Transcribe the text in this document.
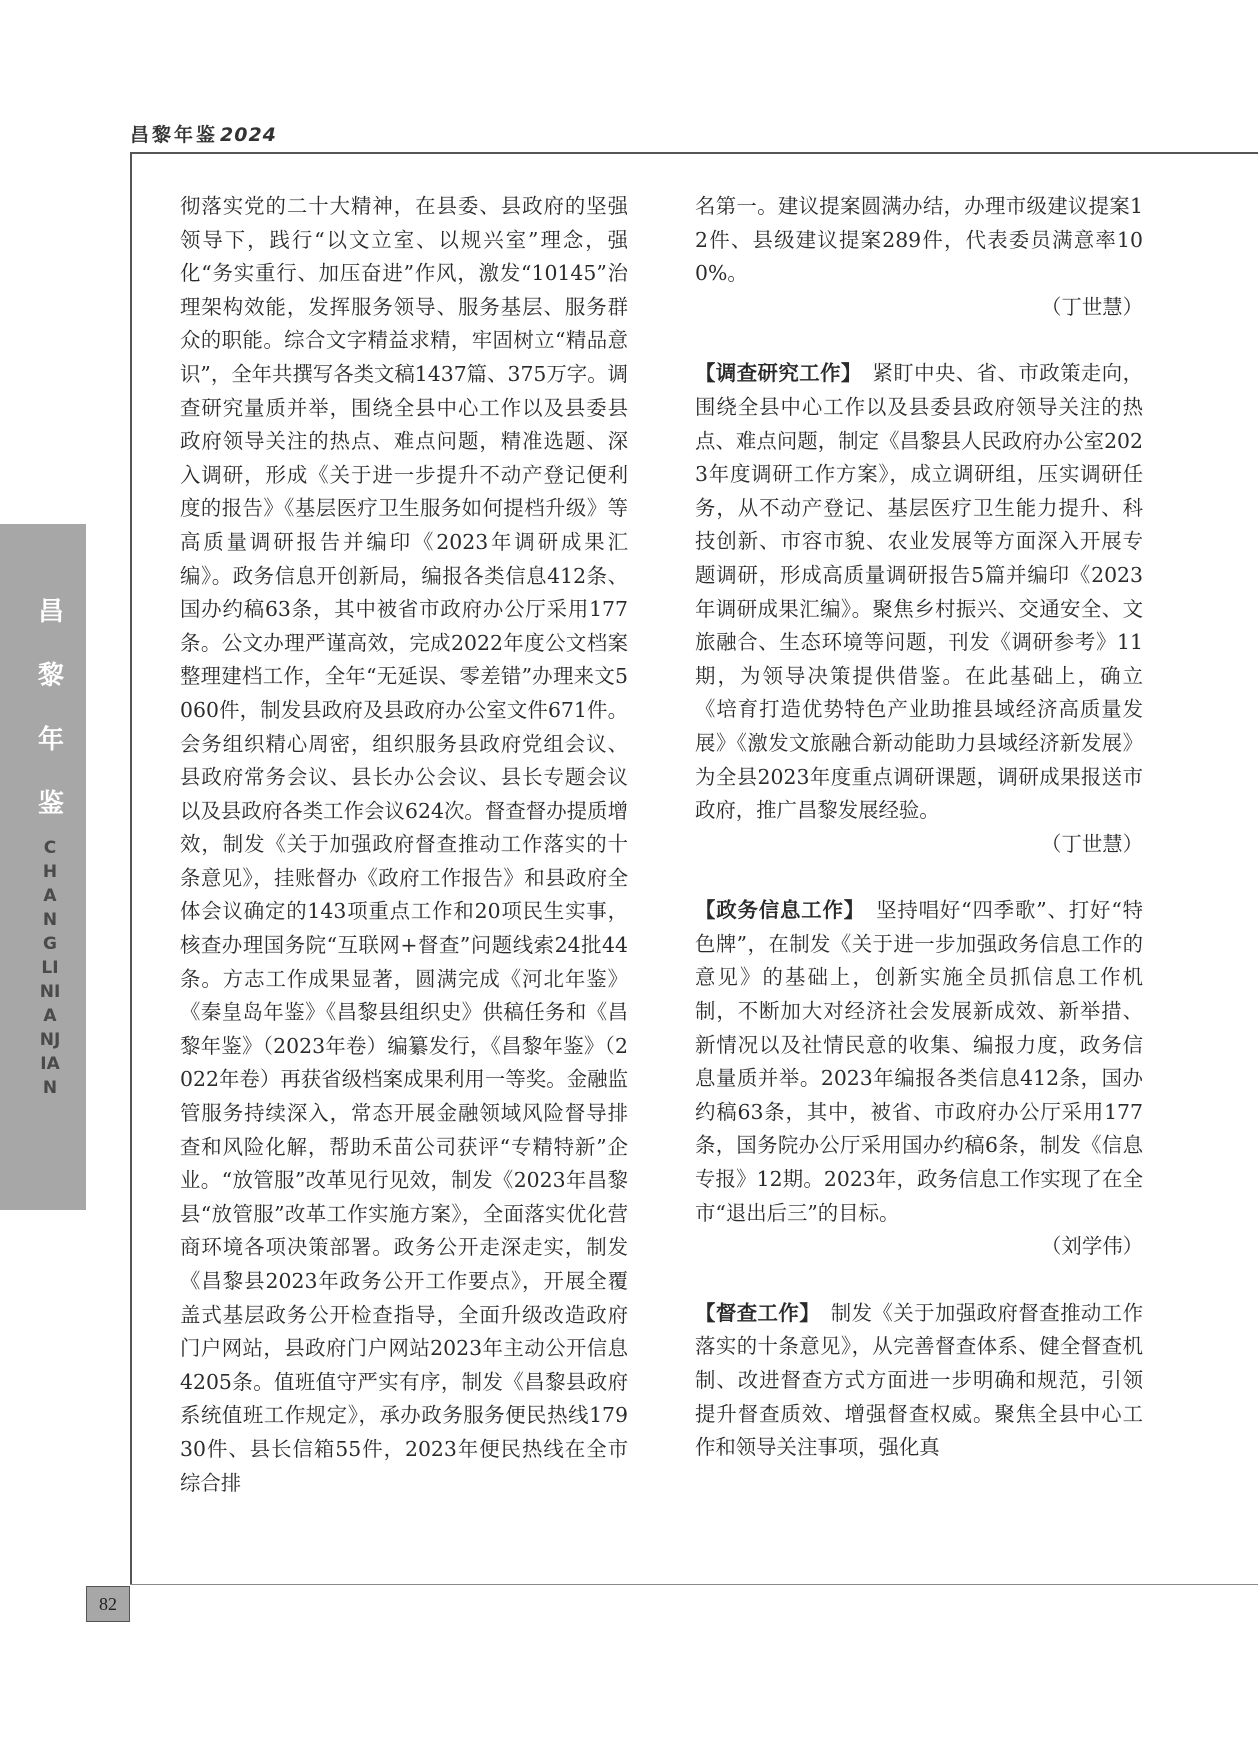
昌黎年鉴 2024
昌黎年鉴
CHANGLINIANJIAN
82

彻落实党的二十大精神，在县委、县政府的坚强领导下，践行“以文立室、以规兴室”理念，强化“务实重行、加压奋进”作风，激发“10145”治理架构效能，发挥服务领导、服务基层、服务群众的职能。综合文字精益求精，牢固树立“精品意识”，全年共撰写各类文稿1437篇、375万字。调查研究量质并举，围绕全县中心工作以及县委县政府领导关注的热点、难点问题，精准选题、深入调研，形成《关于进一步提升不动产登记便利度的报告》《基层医疗卫生服务如何提档升级》等高质量调研报告并编印《2023年调研成果汇编》。政务信息开创新局，编报各类信息412条、国办约稿63条，其中被省市政府办公厅采用177条。公文办理严谨高效，完成2022年度公文档案整理建档工作，全年“无延误、零差错”办理来文5060件，制发县政府及县政府办公室文件671件。会务组织精心周密，组织服务县政府党组会议、县政府常务会议、县长办公会议、县长专题会议以及县政府各类工作会议624次。督查督办提质增效，制发《关于加强政府督查推动工作落实的十条意见》，挂账督办《政府工作报告》和县政府全体会议确定的143项重点工作和20项民生实事，核查办理国务院“互联网+督查”问题线索24批44条。方志工作成果显著，圆满完成《河北年鉴》《秦皇岛年鉴》《昌黎县组织史》供稿任务和《昌黎年鉴》（2023年卷）编纂发行，《昌黎年鉴》（2022年卷）再获省级档案成果利用一等奖。金融监管服务持续深入，常态开展金融领域风险督导排查和风险化解，帮助禾苗公司获评“专精特新”企业。“放管服”改革见行见效，制发《2023年昌黎县“放管服”改革工作实施方案》，全面落实优化营商环境各项决策部署。政务公开走深走实，制发《昌黎县2023年政务公开工作要点》，开展全覆盖式基层政务公开检查指导，全面升级改造政府门户网站，县政府门户网站2023年主动公开信息4205条。值班值守严实有序，制发《昌黎县政府系统值班工作规定》，承办政务服务便民热线17930件、县长信箱55件，2023年便民热线在全市综合排

名第一。建议提案圆满办结，办理市级建议提案12件、县级建议提案289件，代表委员满意率100%。

（丁世慧）

【调查研究工作】  紧盯中央、省、市政策走向，围绕全县中心工作以及县委县政府领导关注的热点、难点问题，制定《昌黎县人民政府办公室2023年度调研工作方案》，成立调研组，压实调研任务，从不动产登记、基层医疗卫生能力提升、科技创新、市容市貌、农业发展等方面深入开展专题调研，形成高质量调研报告5篇并编印《2023年调研成果汇编》。聚焦乡村振兴、交通安全、文旅融合、生态环境等问题，刊发《调研参考》11期，为领导决策提供借鉴。在此基础上，确立《培育打造优势特色产业助推县域经济高质量发展》《激发文旅融合新动能助力县域经济新发展》为全县2023年度重点调研课题，调研成果报送市政府，推广昌黎发展经验。

（丁世慧）

【政务信息工作】  坚持唱好“四季歌”、打好“特色牌”，在制发《关于进一步加强政务信息工作的意见》的基础上，创新实施全员抓信息工作机制，不断加大对经济社会发展新成效、新举措、新情况以及社情民意的收集、编报力度，政务信息量质并举。2023年编报各类信息412条，国办约稿63条，其中，被省、市政府办公厅采用177条，国务院办公厅采用国办约稿6条，制发《信息专报》12期。2023年，政务信息工作实现了在全市“退出后三”的目标。

（刘学伟）

【督查工作】  制发《关于加强政府督查推动工作落实的十条意见》，从完善督查体系、健全督查机制、改进督查方式方面进一步明确和规范，引领提升督查质效、增强督查权威。聚焦全县中心工作和领导关注事项，强化真
